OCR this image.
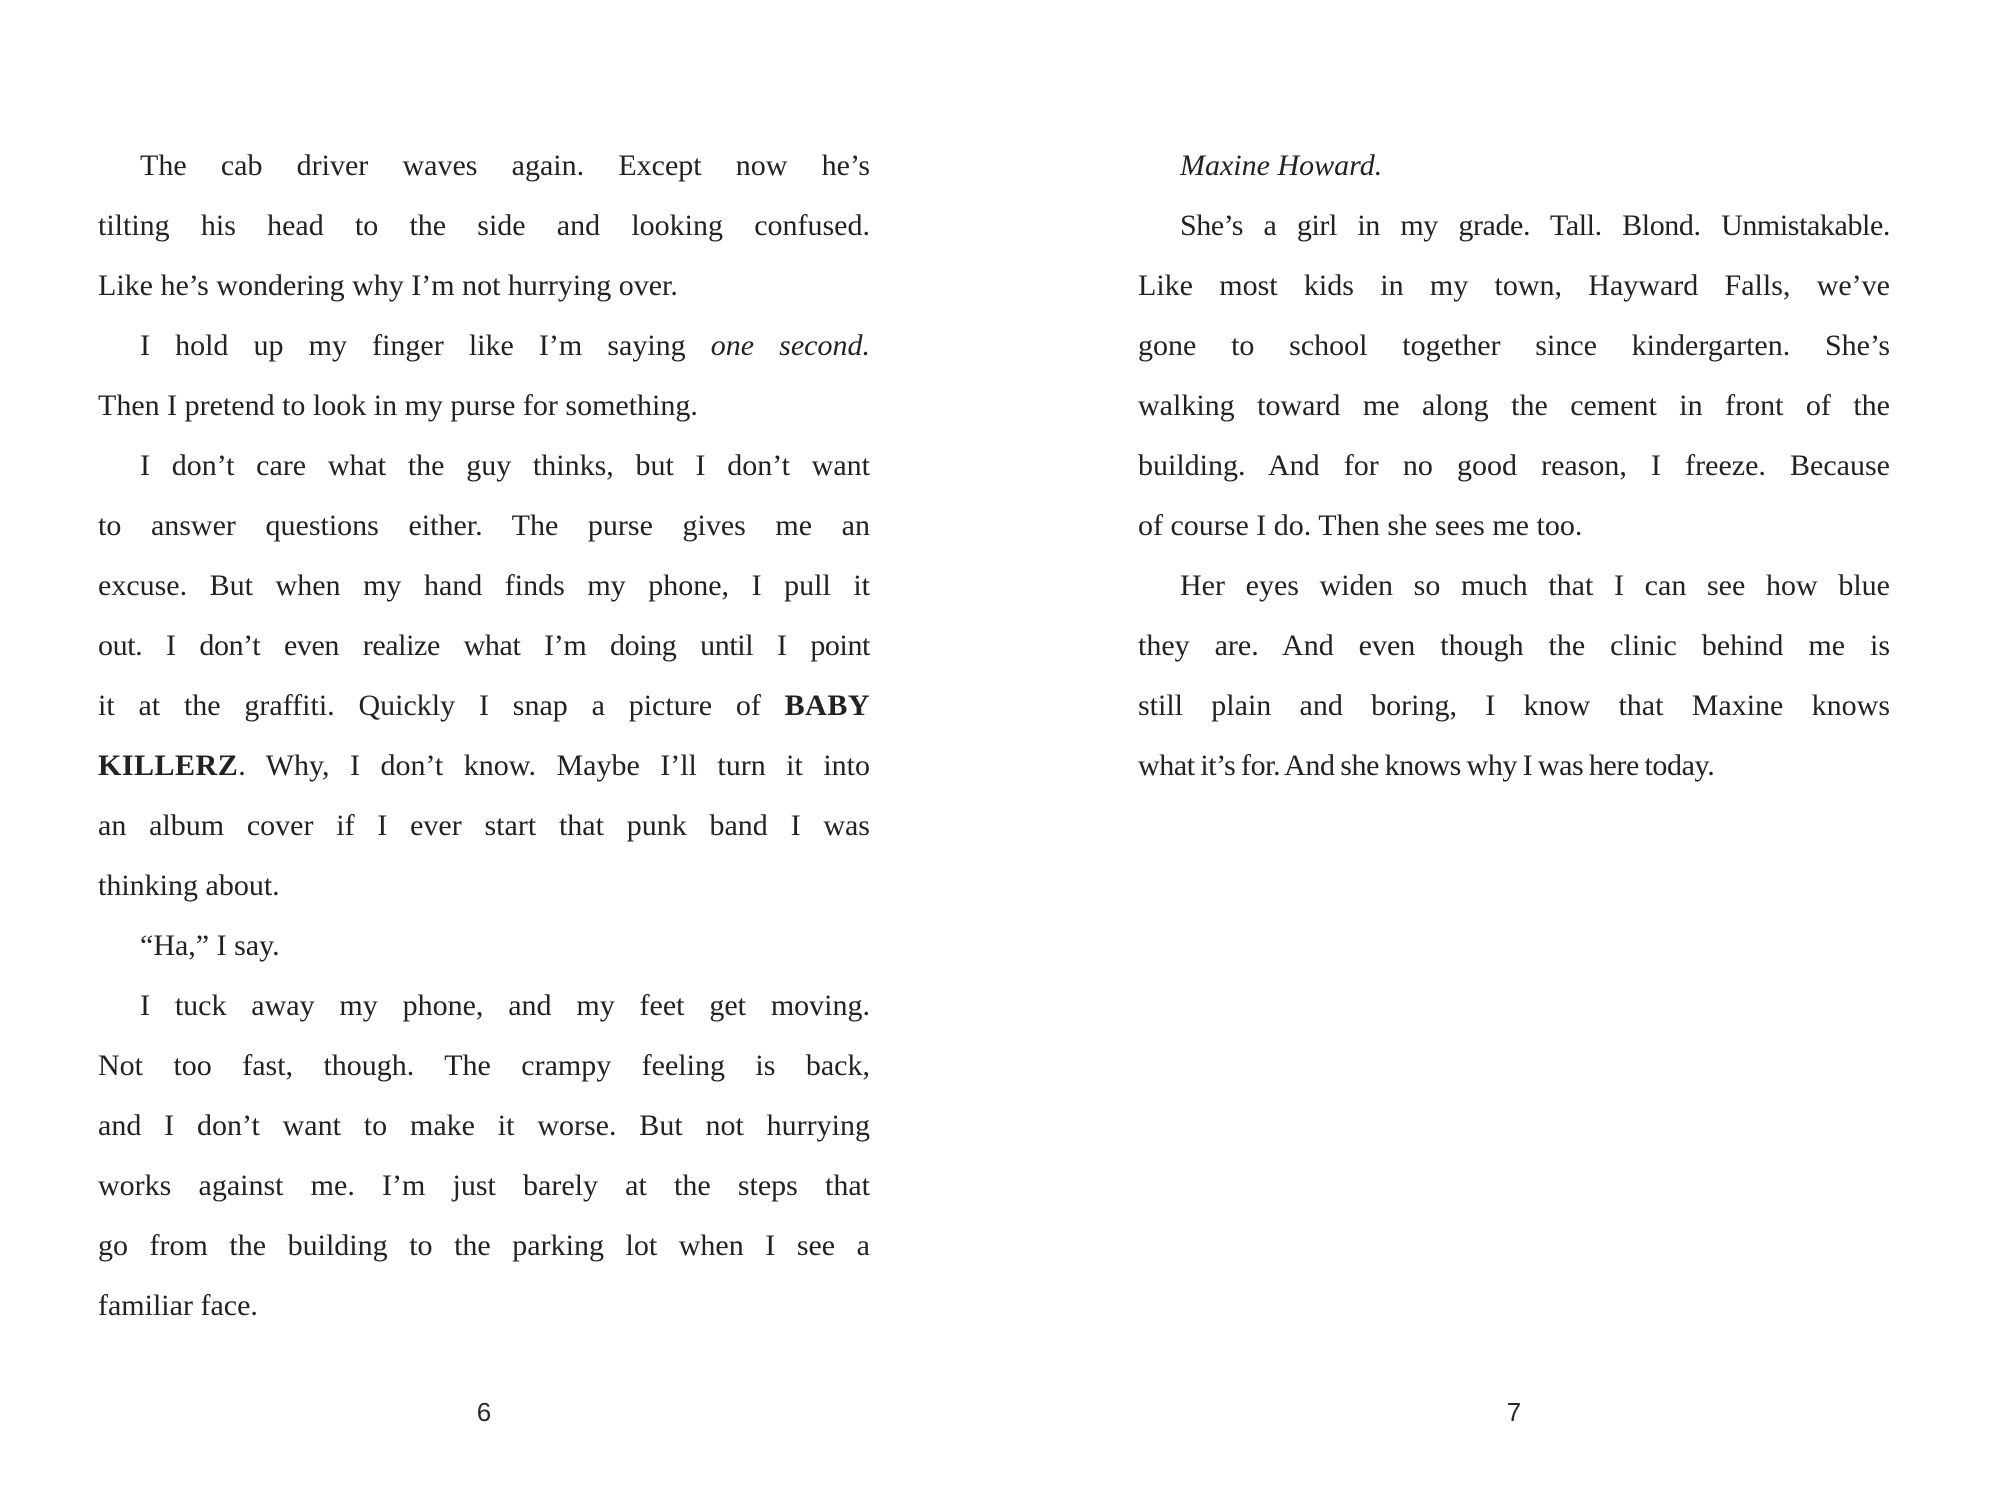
The cab driver waves again. Except now he’s
tilting his head to the side and looking confused.
Like he’s wondering why I’m not hurrying over.
I hold up my finger like I’m saying one second.
Then I pretend to look in my purse for something.
I don’t care what the guy thinks, but I don’t want
to answer questions either. The purse gives me an
excuse. But when my hand finds my phone, I pull it
out. I don’t even realize what I’m doing until I point
it at the graffiti. Quickly I snap a picture of BABY
KILLERZ. Why, I don’t know. Maybe I’ll turn it into
an album cover if I ever start that punk band I was
thinking about.
“Ha,” I say.
I tuck away my phone, and my feet get moving.
Not too fast, though. The crampy feeling is back,
and I don’t want to make it worse. But not hurrying
works against me. I’m just barely at the steps that
go from the building to the parking lot when I see a
familiar face.
6
Maxine Howard.
She’s a girl in my grade. Tall. Blond. Unmistakable.
Like most kids in my town, Hayward Falls, we’ve
gone to school together since kindergarten. She’s
walking toward me along the cement in front of the
building. And for no good reason, I freeze. Because
of course I do. Then she sees me too.
Her eyes widen so much that I can see how blue
they are. And even though the clinic behind me is
still plain and boring, I know that Maxine knows
what it’s for. And she knows why I was here today.
7
